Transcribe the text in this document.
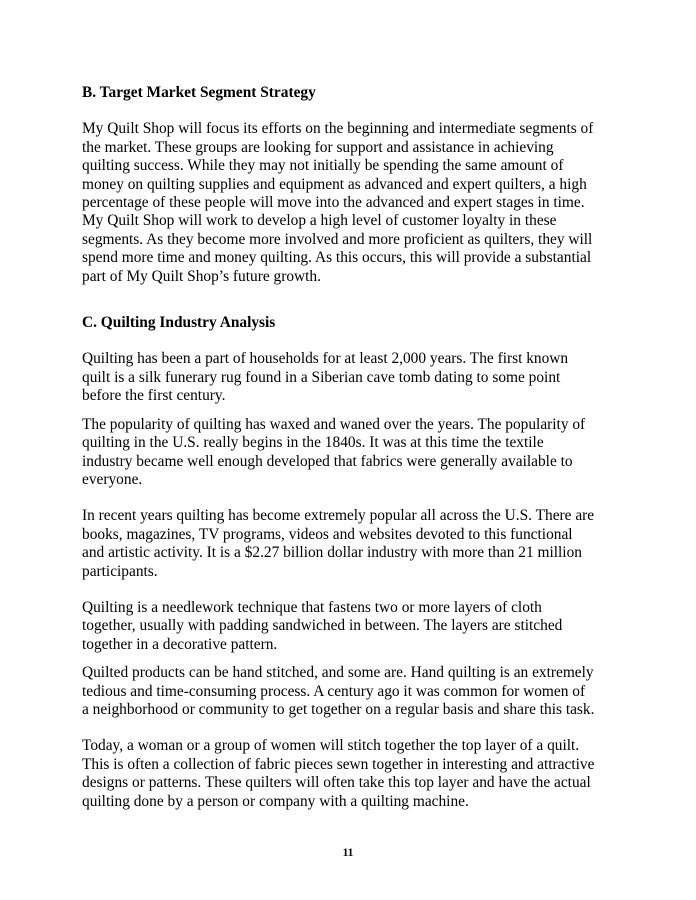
B. Target Market Segment Strategy
My Quilt Shop will focus its efforts on the beginning and intermediate segments of
the market. These groups are looking for support and assistance in achieving
quilting success. While they may not initially be spending the same amount of
money on quilting supplies and equipment as advanced and expert quilters, a high
percentage of these people will move into the advanced and expert stages in time.
My Quilt Shop will work to develop a high level of customer loyalty in these
segments. As they become more involved and more proficient as quilters, they will
spend more time and money quilting. As this occurs, this will provide a substantial
part of My Quilt Shop’s future growth.
C. Quilting Industry Analysis
Quilting has been a part of households for at least 2,000 years. The first known
quilt is a silk funerary rug found in a Siberian cave tomb dating to some point
before the first century.
The popularity of quilting has waxed and waned over the years. The popularity of
quilting in the U.S. really begins in the 1840s. It was at this time the textile
industry became well enough developed that fabrics were generally available to
everyone.
In recent years quilting has become extremely popular all across the U.S. There are
books, magazines, TV programs, videos and websites devoted to this functional
and artistic activity. It is a $2.27 billion dollar industry with more than 21 million
participants.
Quilting is a needlework technique that fastens two or more layers of cloth
together, usually with padding sandwiched in between. The layers are stitched
together in a decorative pattern.
Quilted products can be hand stitched, and some are. Hand quilting is an extremely
tedious and time-consuming process. A century ago it was common for women of
a neighborhood or community to get together on a regular basis and share this task.
Today, a woman or a group of women will stitch together the top layer of a quilt.
This is often a collection of fabric pieces sewn together in interesting and attractive
designs or patterns. These quilters will often take this top layer and have the actual
quilting done by a person or company with a quilting machine.
11
